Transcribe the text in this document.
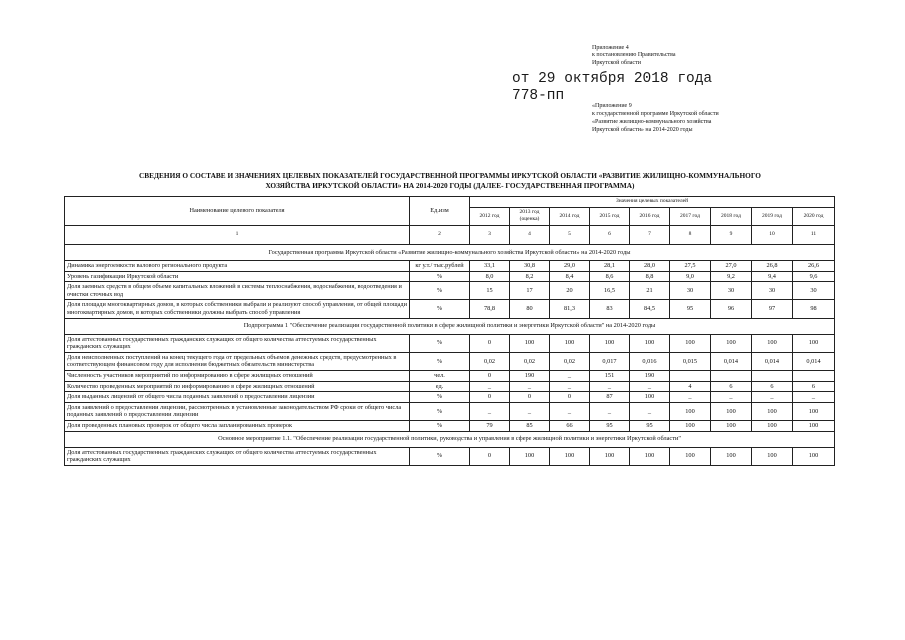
Приложение 4
к постановлению Правительства
Иркутской области
от 29 октября 2018 года
778-пп
«Приложение 9
к государственной программе Иркутской области
«Развитие жилищно-коммунального хозяйства
Иркутской области» на 2014-2020 годы
СВЕДЕНИЯ О СОСТАВЕ И ЗНАЧЕНИЯХ ЦЕЛЕВЫХ ПОКАЗАТЕЛЕЙ ГОСУДАРСТВЕННОЙ ПРОГРАММЫ ИРКУТСКОЙ ОБЛАСТИ «РАЗВИТИЕ ЖИЛИЩНО-КОММУНАЛЬНОГО
ХОЗЯЙСТВА ИРКУТСКОЙ ОБЛАСТИ» НА 2014-2020 ГОДЫ (ДАЛЕЕ- ГОСУДАРСТВЕННАЯ ПРОГРАММА)
Наименование целевого показателя	Ед.изм	Значения целевых показателей								
		2012 год	2013 год (оценка)	2014 год	2015 год	2016 год	2017 год	2018 год	2019 год	2020 год
1	2	3	4	5	6	7	8	9	10	11
Государственная программа Иркутской области «Развитие жилищно-коммунального хозяйства Иркутской области» на 2014-2020 годы										
Динамика энергоемкости валового регионального продукта	кг у.т./ тыс.рублей	33,1	30,8	29,0	28,1	28,0	27,5	27,0	26,8	26,6
Уровень газификации Иркутской области	%	8,0	8,2	8,4	8,6	8,8	9,0	9,2	9,4	9,6
Доля заемных средств в общем объеме капитальных вложений в системы теплоснабжения, водоснабжения, водоотведения и очистки сточных вод	%	15	17	20	16,5	21	30	30	30	30
Доля площади многоквартирных домов, в которых собственники выбрали и реализуют способ управления, от общей площади многоквартирных домов, в которых собственники должны выбрать способ управления	%	78,8	80	81,3	83	84,5	95	96	97	98
Подпрограмма 1 "Обеспечение реализации государственной политики в сфере жилищной политики и энергетики Иркутской области" на 2014-2020 годы										
Доля аттестованных государственных гражданских служащих от общего количества аттестуемых государственных гражданских служащих	%	0	100	100	100	100	100	100	100	100
Доля неисполненных поступлений на конец текущего года от предельных объемов денежных средств, предусмотренных в соответствующем финансовом году для исполнения бюджетных обязательств министерства	%	0,02	0,02	0,02	0,017	0,016	0,015	0,014	0,014	0,014
Численность участников мероприятий по информированию в сфере жилищных отношений	чел.	0	190	_	151	190				
Количество проведенных мероприятий по информированию в сфере жилищных отношений	ед.	_	_	_	_	_	4	6	6	6
Доля выданных лицензий от общего числа поданных заявлений о предоставлении лицензии	%	0	0	0	87	100	_	_	_	_
Доля заявлений о предоставлении лицензии, рассмотренных в установленные законодательством РФ сроки от общего числа поданных заявлений о предоставлении лицензии	%	_	_	_	_	_	100	100	100	100
Доля проведенных плановых проверок от общего числа запланированных проверок	%	79	85	66	95	95	100	100	100	100
Основное мероприятие 1.1. "Обеспечение реализации государственной политики, руководства и управления в сфере жилищной политики и энергетики Иркутской области"										
Доля аттестованных государственных гражданских служащих от общего количества аттестуемых государственных гражданских служащих	%	0	100	100	100	100	100	100	100	100
